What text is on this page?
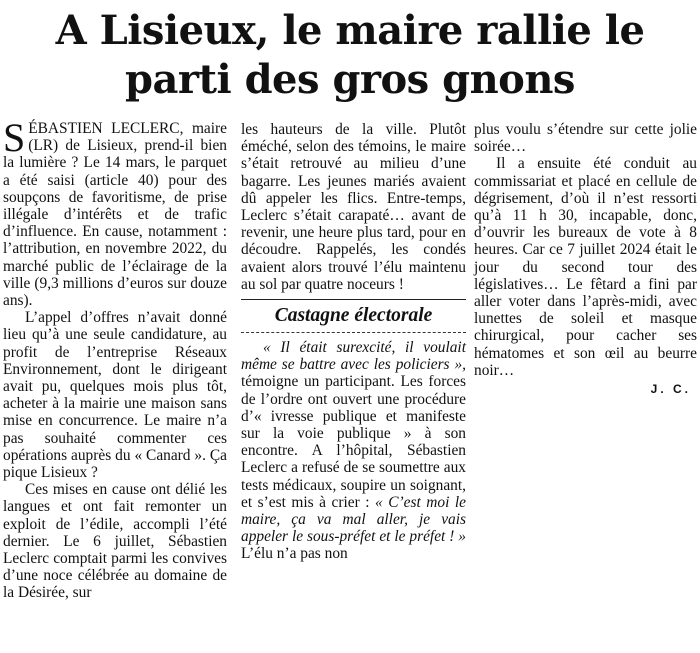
A Lisieux, le maire rallie le parti des gros gnons

SÉBASTIEN LECLERC, maire (LR) de Lisieux, prend-il bien la lumière ? Le 14 mars, le parquet a été saisi (article 40) pour des soupçons de favoritisme, de prise illégale d’intérêts et de trafic d’influence. En cause, notamment : l’attribution, en novembre 2022, du marché public de l’éclairage de la ville (9,3 millions d’euros sur douze ans).

L’appel d’offres n’avait donné lieu qu’à une seule candidature, au profit de l’entreprise Réseaux Environnement, dont le dirigeant avait pu, quelques mois plus tôt, acheter à la mairie une maison sans mise en concurrence. Le maire n’a pas souhaité commenter ces opérations auprès du « Canard ». Ça pique Lisieux ?

Ces mises en cause ont délié les langues et ont fait remonter un exploit de l’édile, accompli l’été dernier. Le 6 juillet, Sébastien Leclerc comptait parmi les convives d’une noce célébrée au domaine de la Désirée, sur

les hauteurs de la ville. Plutôt éméché, selon des témoins, le maire s’était retrouvé au milieu d’une bagarre. Les jeunes mariés avaient dû appeler les flics. Entre-temps, Leclerc s’était carapaté… avant de revenir, une heure plus tard, pour en découdre. Rappelés, les condés avaient alors trouvé l’élu maintenu au sol par quatre noceurs !

Castagne électorale

« Il était surexcité, il voulait même se battre avec les policiers », témoigne un participant. Les forces de l’ordre ont ouvert une procédure d’« ivresse publique et manifeste sur la voie publique » à son encontre. A l’hôpital, Sébastien Leclerc a refusé de se soumettre aux tests médicaux, soupire un soignant, et s’est mis à crier : « C’est moi le maire, ça va mal aller, je vais appeler le sous-préfet et le préfet ! » L’élu n’a pas non

plus voulu s’étendre sur cette jolie soirée…

Il a ensuite été conduit au commissariat et placé en cellule de dégrisement, d’où il n’est ressorti qu’à 11 h 30, incapable, donc, d’ouvrir les bureaux de vote à 8 heures. Car ce 7 juillet 2024 était le jour du second tour des législatives… Le fêtard a fini par aller voter dans l’après-midi, avec lunettes de soleil et masque chirurgical, pour cacher ses hématomes et son œil au beurre noir…

J. C.
